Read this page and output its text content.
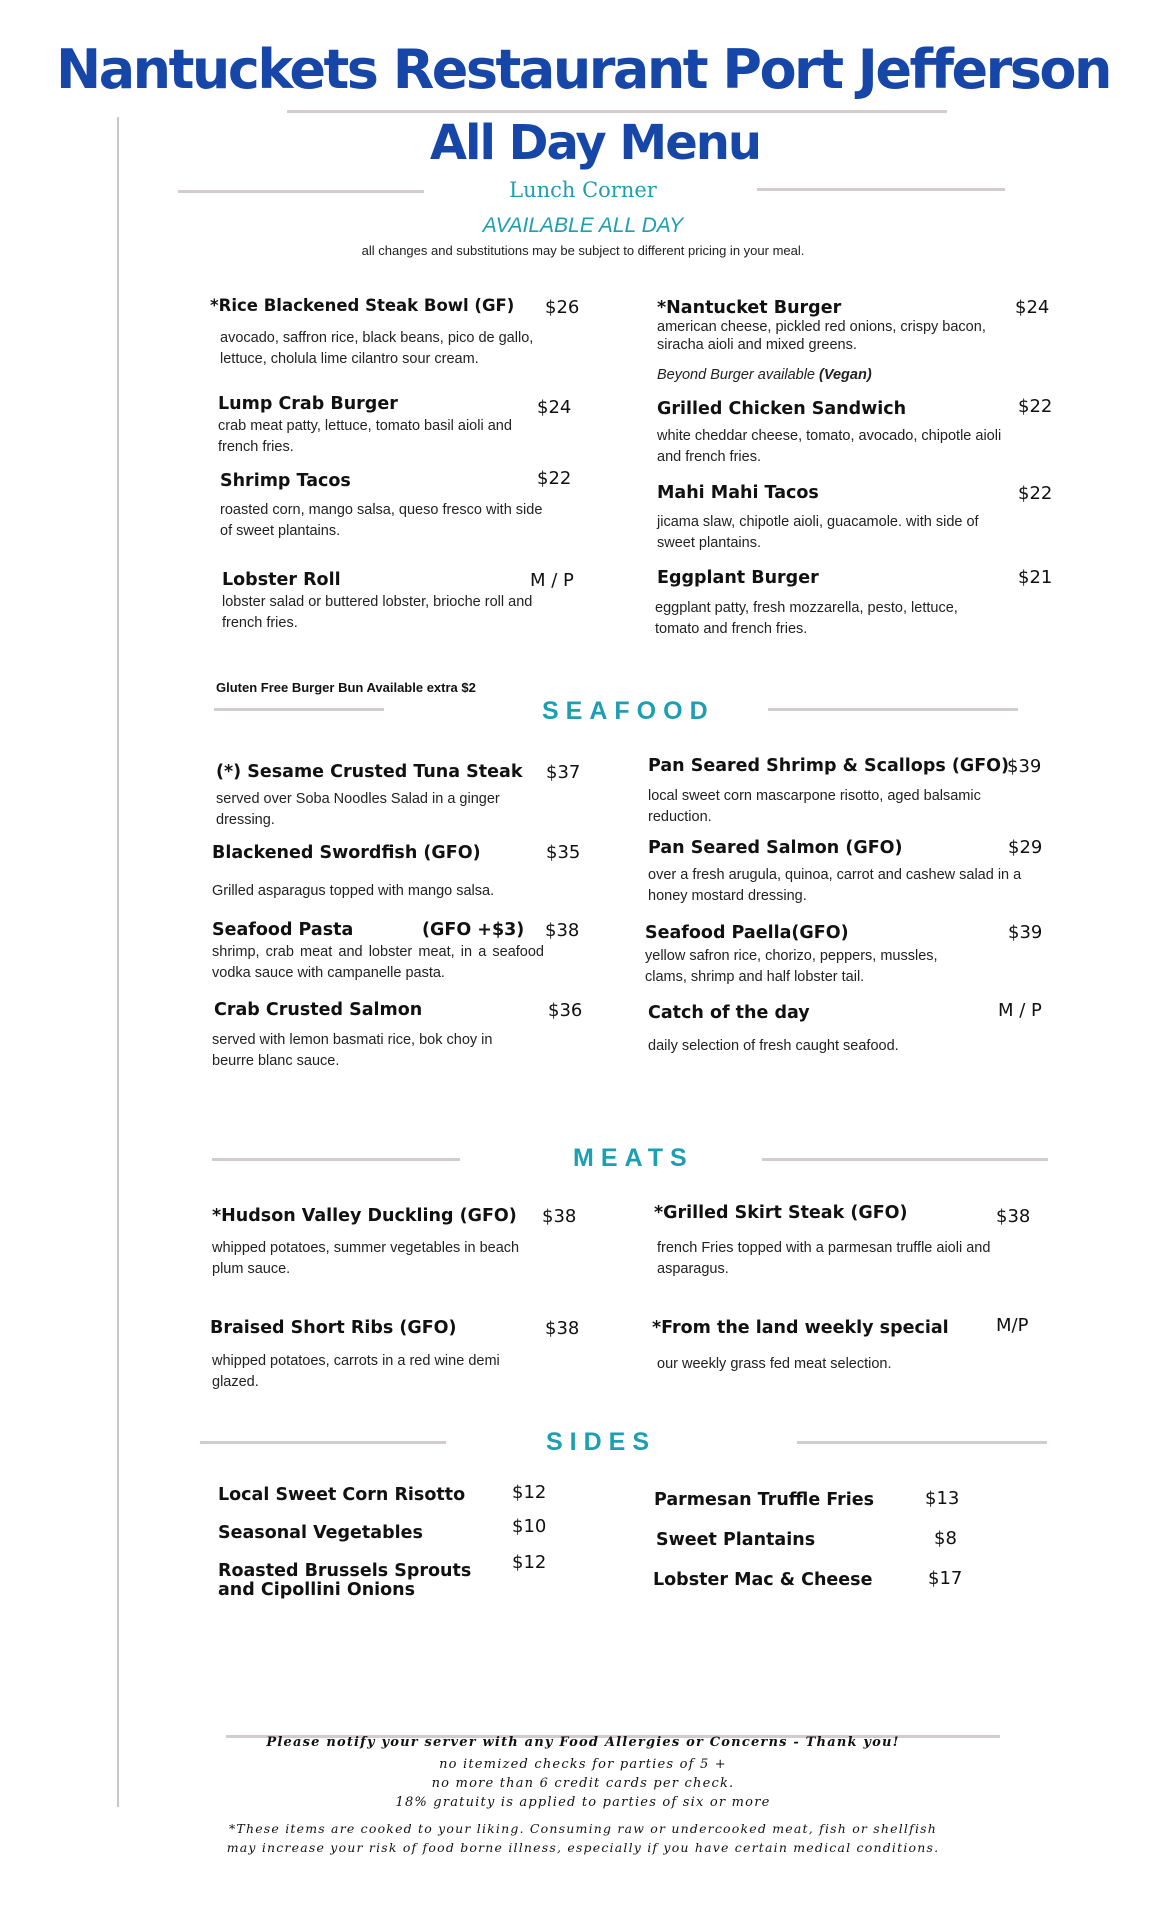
Nantuckets Restaurant Port Jefferson
All Day Menu
Lunch Corner
AVAILABLE ALL DAY
all changes and substitutions may be subject to different pricing in your meal.
*Rice Blackened Steak Bowl (GF) $26
avocado, saffron rice, black beans, pico de gallo, lettuce, cholula lime cilantro sour cream.
Lump Crab Burger	$24
crab meat patty, lettuce, tomato basil aioli and french fries.
Shrimp Tacos	$22
roasted corn, mango salsa, queso fresco with side of sweet plantains.
Lobster Roll	M / P
lobster salad or buttered lobster, brioche roll and french fries.
Gluten Free Burger Bun Available extra $2
*Nantucket Burger	$24
american cheese, pickled red onions, crispy bacon, siracha aioli and mixed greens.
Beyond Burger available (Vegan)
Grilled Chicken Sandwich	$22
white cheddar cheese, tomato, avocado, chipotle aioli and french fries.
Mahi Mahi Tacos	$22
jicama slaw, chipotle aioli, guacamole. with side of sweet plantains.
Eggplant Burger	$21
eggplant patty, fresh mozzarella, pesto, lettuce, tomato and french fries.
SEAFOOD
(*) Sesame Crusted Tuna Steak $37
served over Soba Noodles Salad in a ginger dressing.
Blackened Swordfish (GFO)	$35
Grilled asparagus topped with mango salsa.
Seafood Pasta	(GFO +$3) $38
shrimp, crab meat and lobster meat, in a seafood vodka sauce with campanelle pasta.
Crab Crusted Salmon	$36
served with lemon basmati rice, bok choy in beurre blanc sauce.
Pan Seared Shrimp & Scallops (GFO)
$39
local sweet corn mascarpone risotto, aged balsamic reduction.
Pan Seared Salmon (GFO)	$29
over a fresh arugula, quinoa, carrot and cashew salad in a honey mostard dressing.
Seafood Paella(GFO)	$39
yellow safron rice, chorizo, peppers, mussles, clams, shrimp and half lobster tail.
Catch of the day	M / P
daily selection of fresh caught seafood.
MEATS
*Hudson Valley Duckling (GFO) $38
whipped potatoes, summer vegetables in beach plum sauce.
Braised Short Ribs (GFO)	$38
whipped potatoes, carrots in a red wine demi glazed.
*Grilled Skirt Steak (GFO)	$38
french Fries topped with a parmesan truffle aioli and asparagus.
*From the land weekly special	M/P
our weekly grass fed meat selection.
SIDES
Local Sweet Corn Risotto	$12
Seasonal Vegetables	$10
Roasted Brussels Sprouts
and Cipollini Onions
$12
Parmesan Truffle Fries	$13
Sweet Plantains	$8
Lobster Mac & Cheese	$17
Please notify your server with any Food Allergies or Concerns - Thank you!
no itemized checks for parties of 5 +
no more than 6 credit cards per check.
18% gratuity is applied to parties of six or more
*These items are cooked to your liking. Consuming raw or undercooked meat, fish or shellfish
may increase your risk of food borne illness, especially if you have certain medical conditions.
